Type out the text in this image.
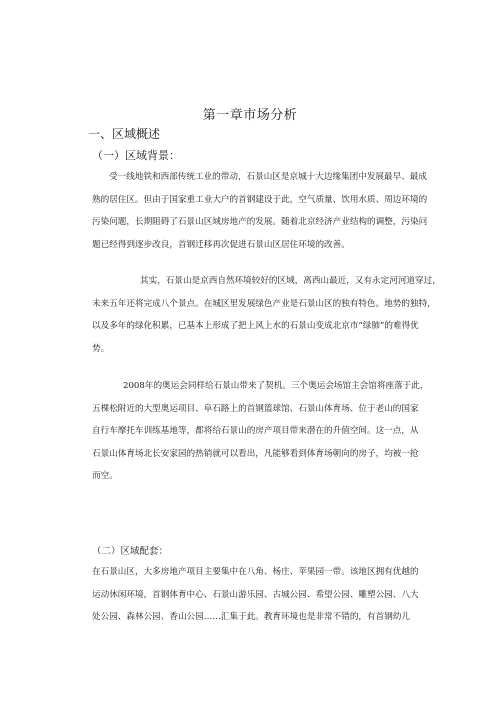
第一章市场分析
一、区域概述
（一）区域背景：

受一线地铁和西部传统工业的带动，石景山区是京城十大边缘集团中发展最早、最成
熟的居住区。但由于国家重工业大户的首钢建设于此，空气质量、饮用水质、周边环境的
污染问题，长期阻碍了石景山区域房地产的发展。随着北京经济产业结构的调整，污染问
题已经得到逐步改良，首钢迁移再次促进石景山区居住环境的改善。

其实，石景山是京西自然环境较好的区域，离西山最近，又有永定河河道穿过，
未来五年还将完成八个景点。在城区里发展绿色产业是石景山区的独有特色。地势的独特，
以及多年的绿化积累，已基本上形成了把上风上水的石景山变成北京市“绿肺”的难得优
势。

2008年的奥运会同样给石景山带来了契机。三个奥运会场馆主会馆将座落于此，
五棵松附近的大型奥运项目、阜石路上的首钢篮球馆、石景山体育场、位于老山的国家
自行车摩托车训练基地等，都将给石景山的房产项目带来潜在的升值空间。这一点，从
石景山体育场北长安家园的热销就可以看出，凡能够看到体育场朝向的房子，均被一抢
而空。

（二）区域配套：

在石景山区，大多房地产项目主要集中在八角、杨庄、苹果园一带。该地区拥有优越的
运动休闲环境，首钢体育中心、石景山游乐园、古城公园、希望公园、雕塑公园、八大
处公园、森林公园、香山公园……汇集于此。教育环境也是非常不错的，有首钢幼儿
